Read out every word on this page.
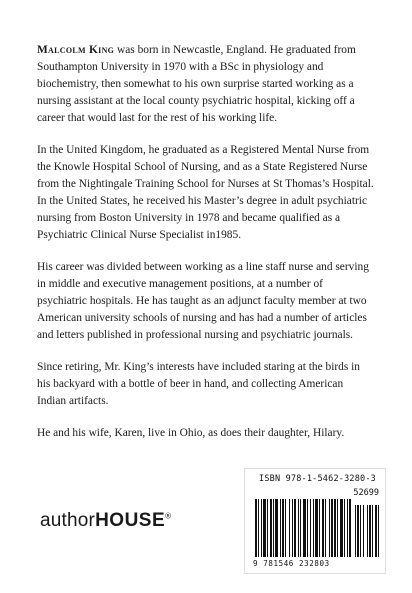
Malcolm King was born in Newcastle, England. He graduated from Southampton University in 1970 with a BSc in physiology and biochemistry, then somewhat to his own surprise started working as a nursing assistant at the local county psychiatric hospital, kicking off a career that would last for the rest of his working life.

In the United Kingdom, he graduated as a Registered Mental Nurse from the Knowle Hospital School of Nursing, and as a State Registered Nurse from the Nightingale Training School for Nurses at St Thomas’s Hospital. In the United States, he received his Master’s degree in adult psychiatric nursing from Boston University in 1978 and became qualified as a Psychiatric Clinical Nurse Specialist in1985.

His career was divided between working as a line staff nurse and serving in middle and executive management positions, at a number of psychiatric hospitals. He has taught as an adjunct faculty member at two American university schools of nursing and has had a number of articles and letters published in professional nursing and psychiatric journals.

Since retiring, Mr. King’s interests have included staring at the birds in his backyard with a bottle of beer in hand, and collecting American Indian artifacts.

He and his wife, Karen, live in Ohio, as does their daughter, Hilary.

authorHOUSE®
ISBN 978-1-5462-3280-3
52699
9 781546 232803
